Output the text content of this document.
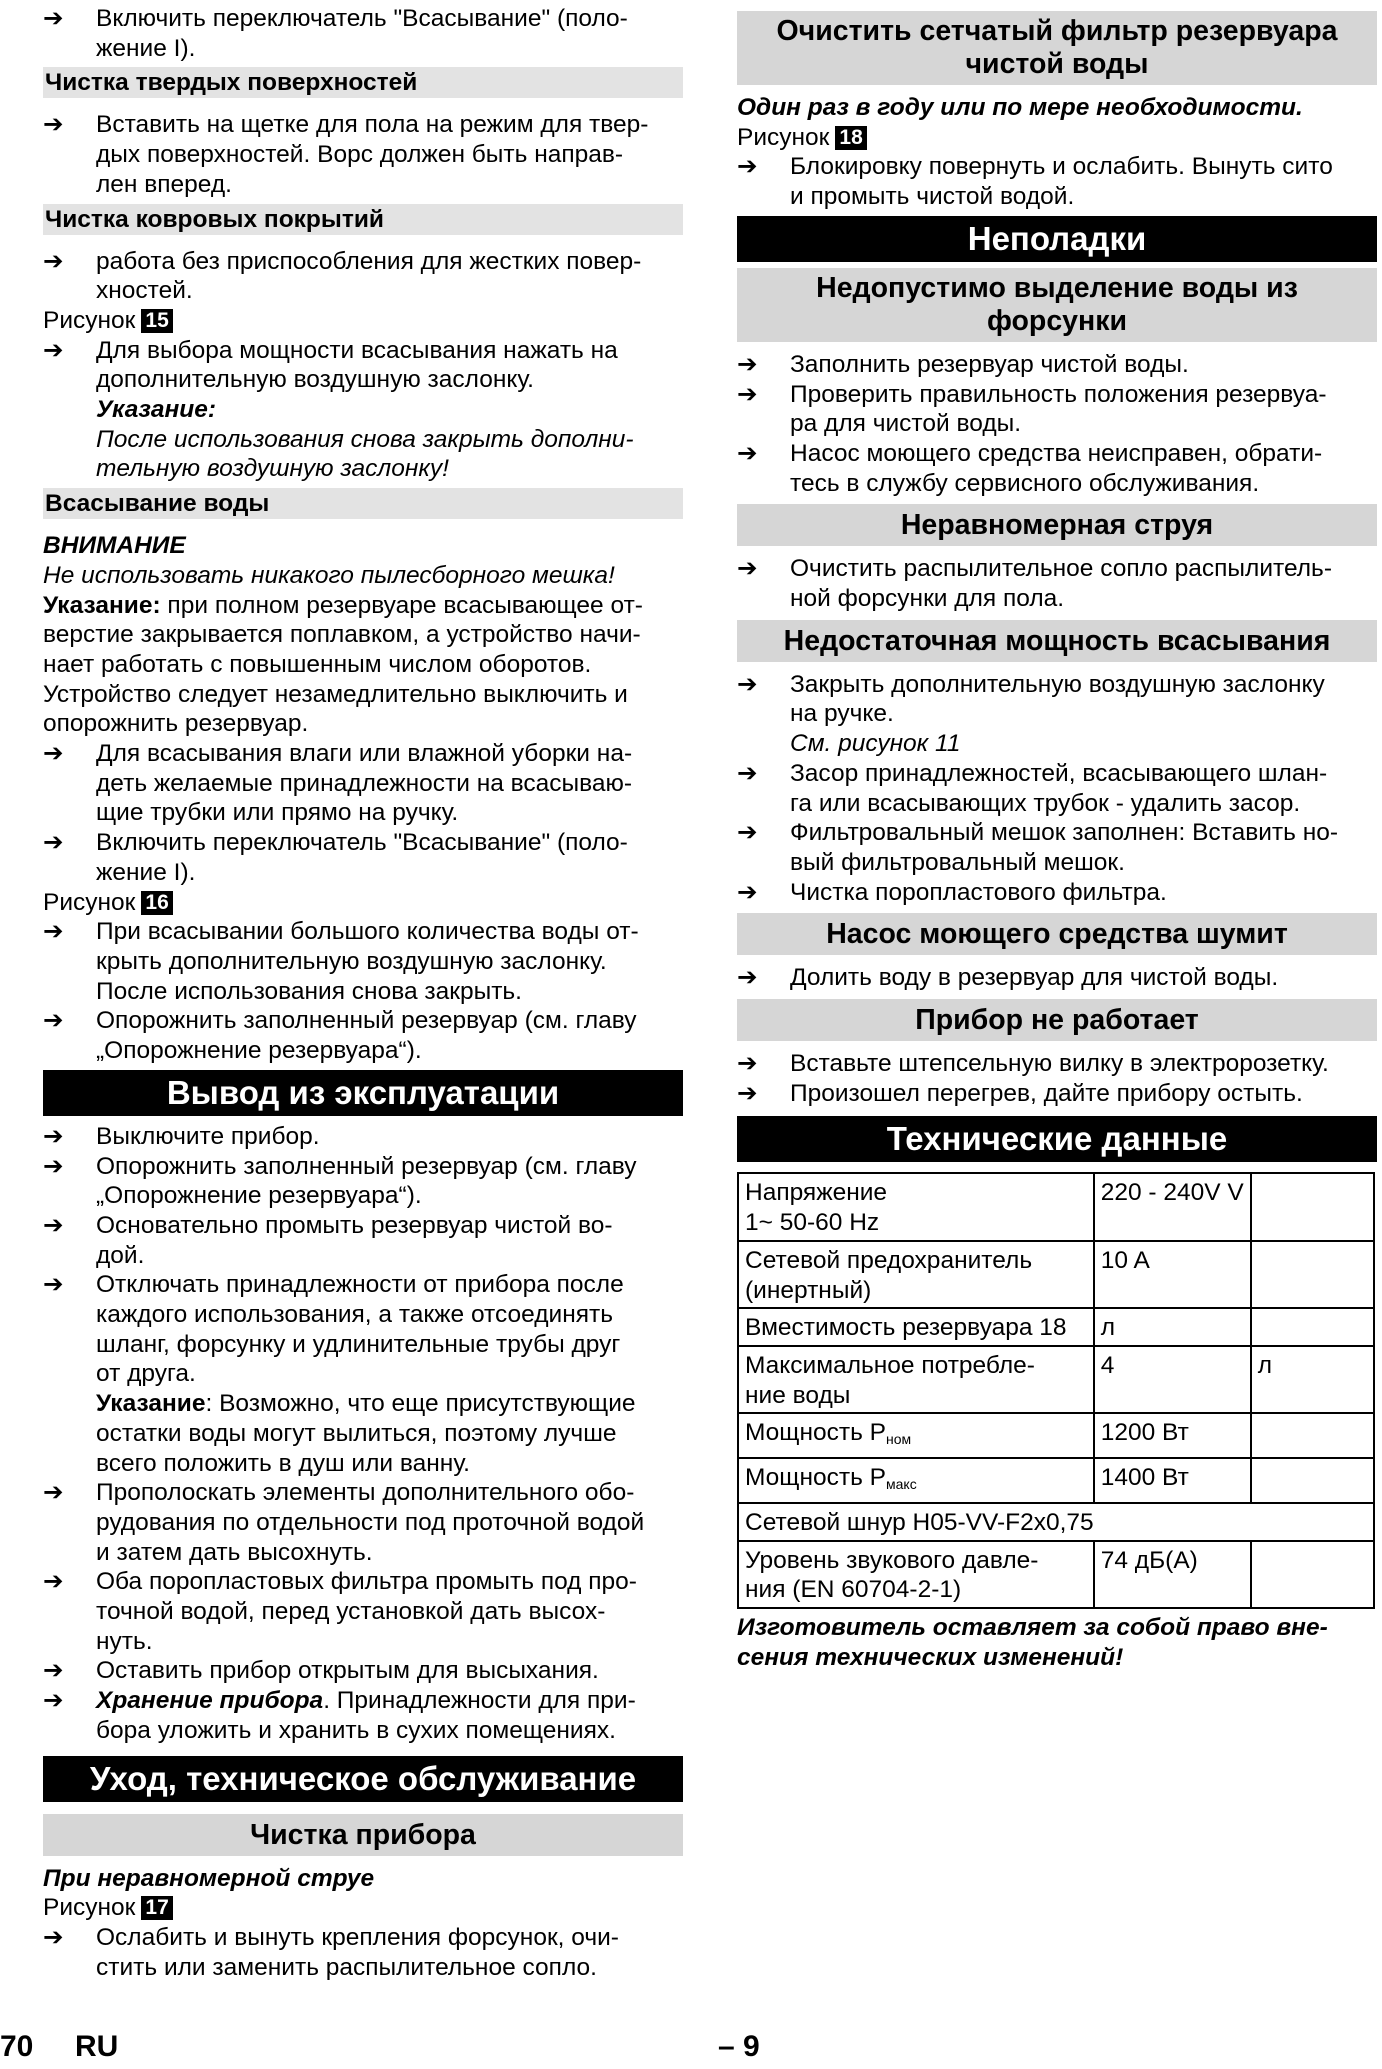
➔	Включить переключатель "Всасывание" (поло-
жение I).
Чистка твердых поверхностей
➔	Вставить на щетке для пола на режим для твер-
дых поверхностей. Ворс должен быть направ-
лен вперед.
Чистка ковровых покрытий
➔	работа без приспособления для жестких повер-
хностей.
Рисунок 15
➔	Для выбора мощности всасывания нажать на
дополнительную воздушную заслонку.
Указание:
После использования снова закрыть дополни-
тельную воздушную заслонку!
Всасывание воды
ВНИМАНИЕ
Не использовать никакого пылесборного мешка!
Указание: при полном резервуаре всасывающее от-
верстие закрывается поплавком, а устройство начи-
нает работать с повышенным числом оборотов.
Устройство следует незамедлительно выключить и
опорожнить резервуар.
➔	Для всасывания влаги или влажной уборки на-
деть желаемые принадлежности на всасываю-
щие трубки или прямо на ручку.
➔	Включить переключатель "Всасывание" (поло-
жение I).
Рисунок 16
➔	При всасывании большого количества воды от-
крыть дополнительную воздушную заслонку.
После использования снова закрыть.
➔	Опорожнить заполненный резервуар (см. главу
„Опорожнение резервуара“).
Вывод из эксплуатации
➔	Выключите прибор.
➔	Опорожнить заполненный резервуар (см. главу
„Опорожнение резервуара“).
➔	Основательно промыть резервуар чистой во-
дой.
➔	Отключать принадлежности от прибора после
каждого использования, а также отсоединять
шланг, форсунку и удлинительные трубы друг
от друга.
Указание: Возможно, что еще присутствующие
остатки воды могут вылиться, поэтому лучше
всего положить в душ или ванну.
➔	Прополоскать элементы дополнительного обо-
рудования по отдельности под проточной водой
и затем дать высохнуть.
➔	Оба поропластовых фильтра промыть под про-
точной водой, перед установкой дать высох-
нуть.
➔	Оставить прибор открытым для высыхания.
➔	Хранение прибора. Принадлежности для при-
бора уложить и хранить в сухих помещениях.
Уход, техническое обслуживание
Чистка прибора
При неравномерной струе
Рисунок 17
➔	Ослабить и вынуть крепления форсунок, очи-
стить или заменить распылительное сопло.
Очистить сетчатый фильтр резервуара
чистой воды
Один раз в году или по мере необходимости.
Рисунок 18
➔	Блокировку повернуть и ослабить. Вынуть сито
и промыть чистой водой.
Неполадки
Недопустимо выделение воды из
форсунки
➔	Заполнить резервуар чистой воды.
➔	Проверить правильность положения резервуа-
ра для чистой воды.
➔	Насос моющего средства неисправен, обрати-
тесь в службу сервисного обслуживания.
Неравномерная струя
➔	Очистить распылительное сопло распылитель-
ной форсунки для пола.
Недостаточная мощность всасывания
➔	Закрыть дополнительную воздушную заслонку
на ручке.
См. рисунок 11
➔	Засор принадлежностей, всасывающего шлан-
га или всасывающих трубок - удалить засор.
➔	Фильтровальный мешок заполнен: Вставить но-
вый фильтровальный мешок.
➔	Чистка поропластового фильтра.
Насос моющего средства шумит
➔	Долить воду в резервуар для чистой воды.
Прибор не работает
➔	Вставьте штепсельную вилку в электророзетку.
➔	Произошел перегрев, дайте прибору остыть.
Технические данные
Напряжение
1~ 50-60 Hz	220 - 240V V	

Сетевой предохранитель
(инертный)	10 A	
Вместимость резервуара 18	л	

Максимальное потребле-
ние воды	4	л
Мощность $P_{ном}$	1200 Вт	
Мощность $P_{макс}$	1400 Вт	
Сетевой шнур H05-VV-F2x0,75		

Уровень звукового давле-
ния (EN 60704-2-1)	74 дБ(A)	
Изготовитель оставляет за собой право вне-
сения технических изменений!
70 RU	– 9
